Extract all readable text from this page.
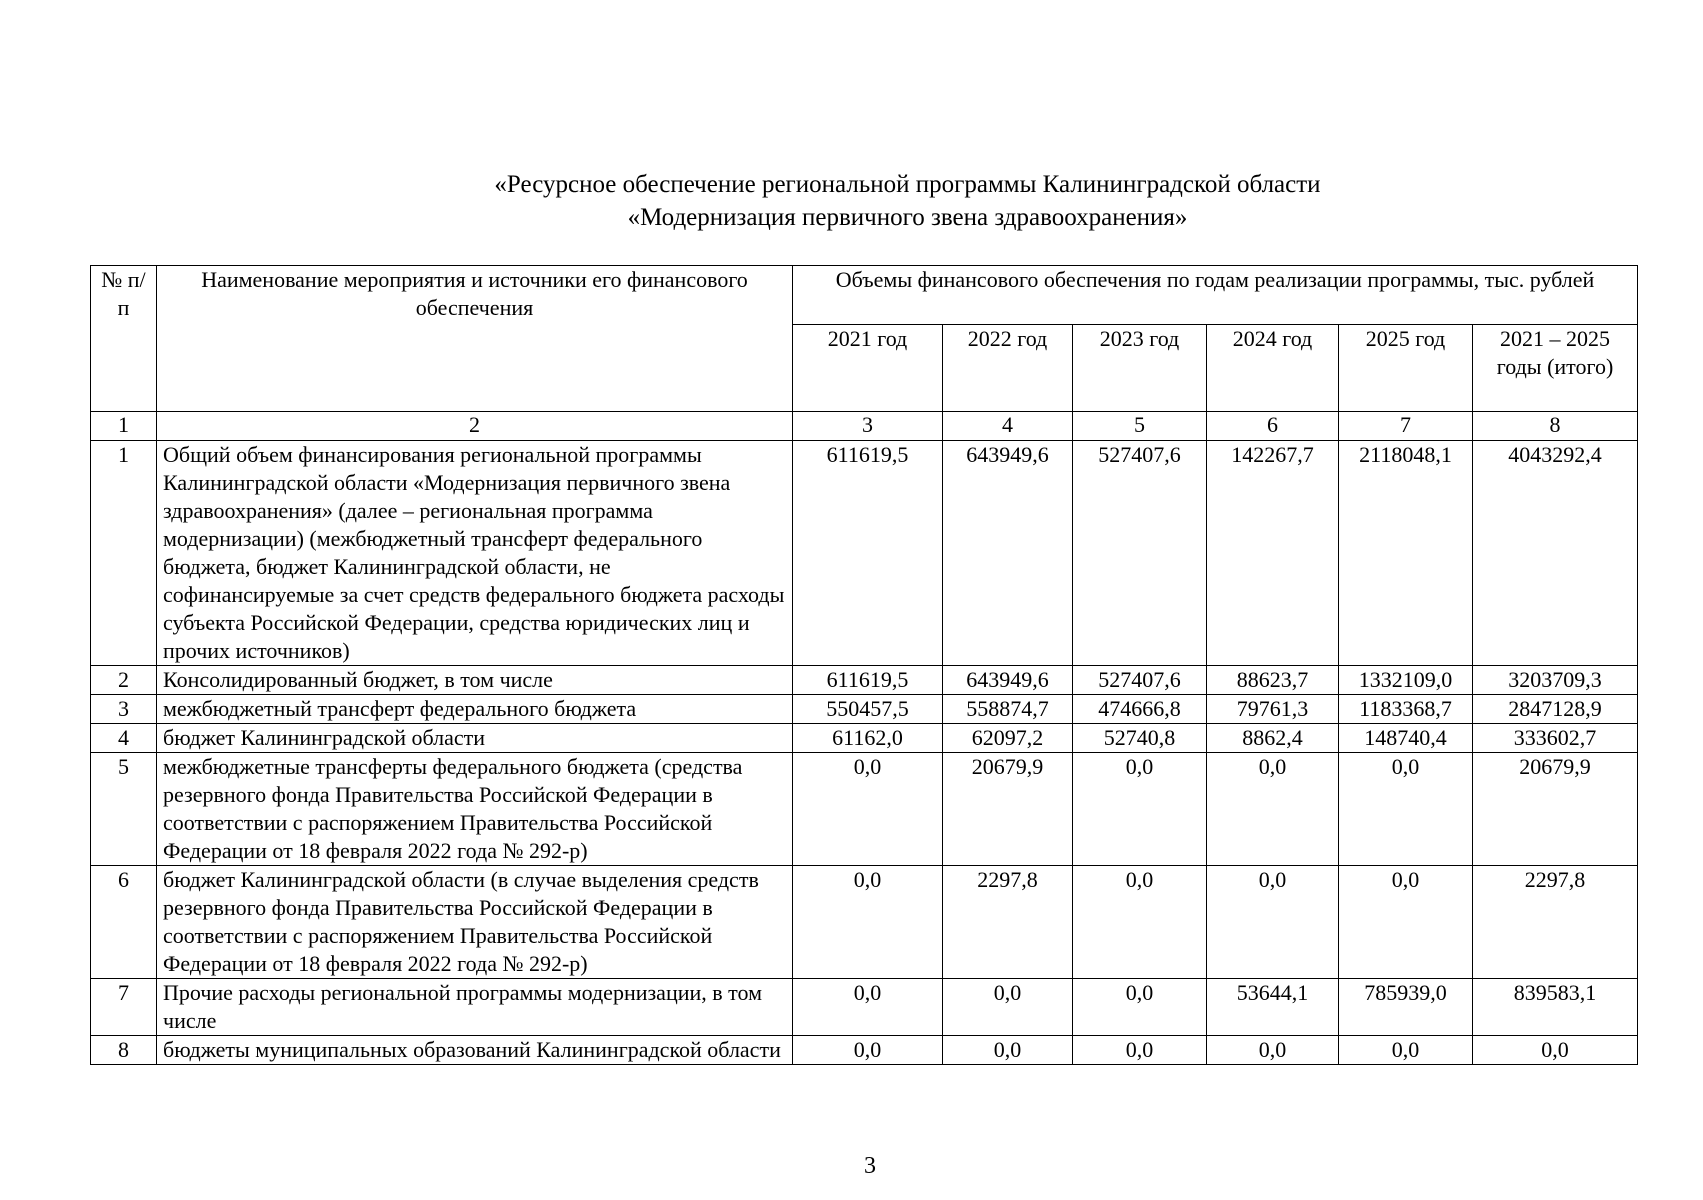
«Ресурсное обеспечение региональной программы Калининградской области
«Модернизация первичного звена здравоохранения»
№ п/п	Наименование мероприятия и источники его финансового обеспечения	Объемы финансового обеспечения по годам реализации программы, тыс. рублей					
		2021 год	2022 год	2023 год	2024 год	2025 год	2021 – 2025 годы (итого)
1	2	3	4	5	6	7	8
1	Общий объем финансирования региональной программы Калининградской области «Модернизация первичного звена здравоохранения» (далее – региональная программа модернизации) (межбюджетный трансферт федерального бюджета, бюджет Калининградской области, не софинансируемые за счет средств федерального бюджета расходы субъекта Российской Федерации, средства юридических лиц и прочих источников)	611619,5	643949,6	527407,6	142267,7	2118048,1	4043292,4
2	Консолидированный бюджет, в том числе	611619,5	643949,6	527407,6	88623,7	1332109,0	3203709,3
3	межбюджетный трансферт федерального бюджета	550457,5	558874,7	474666,8	79761,3	1183368,7	2847128,9
4	бюджет Калининградской области	61162,0	62097,2	52740,8	8862,4	148740,4	333602,7
5	межбюджетные трансферты федерального бюджета (средства резервного фонда Правительства Российской Федерации в соответствии с распоряжением Правительства Российской Федерации от 18 февраля 2022 года № 292-р)	0,0	20679,9	0,0	0,0	0,0	20679,9
6	бюджет Калининградской области (в случае выделения средств резервного фонда Правительства Российской Федерации в соответствии с распоряжением Правительства Российской Федерации от 18 февраля 2022 года № 292-р)	0,0	2297,8	0,0	0,0	0,0	2297,8
7	Прочие расходы региональной программы модернизации, в том числе	0,0	0,0	0,0	53644,1	785939,0	839583,1
8	бюджеты муниципальных образований Калининградской области	0,0	0,0	0,0	0,0	0,0	0,0
3
